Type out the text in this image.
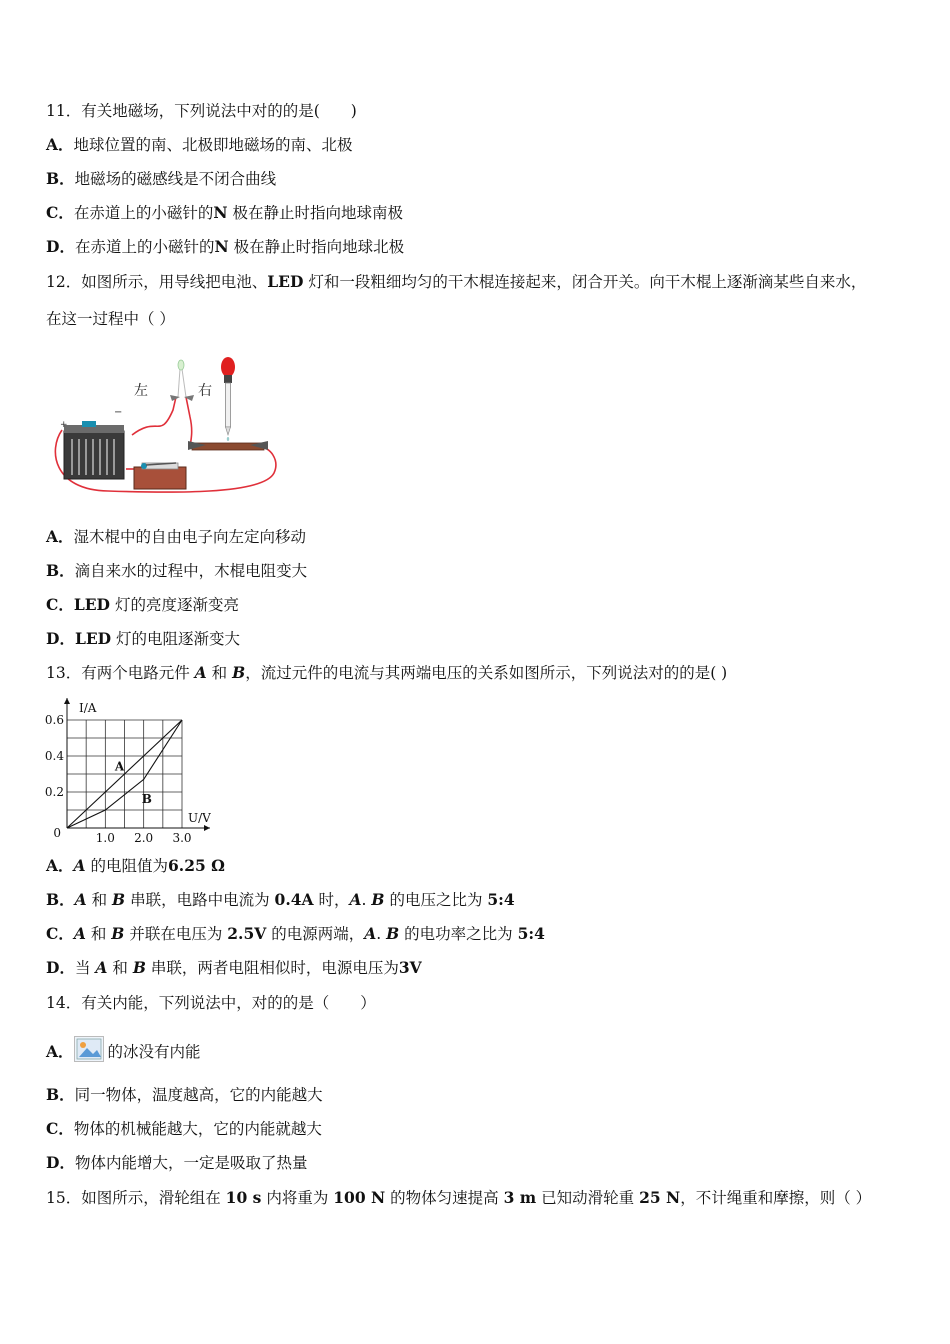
11．有关地磁场，下列说法中对的的是(　　)
A．地球位置的南、北极即地磁场的南、北极
B．地磁场的磁感线是不闭合曲线
C．在赤道上的小磁针的N 极在静止时指向地球南极
D．在赤道上的小磁针的N 极在静止时指向地球北极
12．如图所示，用导线把电池、LED 灯和一段粗细均匀的干木棍连接起来，闭合开关。向干木棍上逐渐滴某些自来水，
在这一过程中（ ）
+
−
左	右
A．湿木棍中的自由电子向左定向移动
B．滴自来水的过程中，木棍电阻变大
C．LED 灯的亮度逐渐变亮
D．LED 灯的电阻逐渐变大
13．有两个电路元件 A 和 B，流过元件的电流与其两端电压的关系如图所示，下列说法对的的是( )
I/A
U/V
0	1.0 2.0 3.0
0.2
0.4
0.6
A
B
A．A 的电阻值为6.25 Ω
B．A 和 B 串联，电路中电流为 0.4A 时，A. B 的电压之比为 5:4
C．A 和 B 并联在电压为 2.5V 的电源两端，A. B 的电功率之比为 5:4
D．当 A 和 B 串联，两者电阻相似时，电源电压为3V
14．有关内能，下列说法中，对的的是（　　）
A． 的冰没有内能
B．同一物体，温度越高，它的内能越大
C．物体的机械能越大，它的内能就越大
D．物体内能增大，一定是吸取了热量
15．如图所示，滑轮组在 10 s 内将重为 100 N 的物体匀速提高 3 m 已知动滑轮重 25 N，不计绳重和摩擦，则（ ）
